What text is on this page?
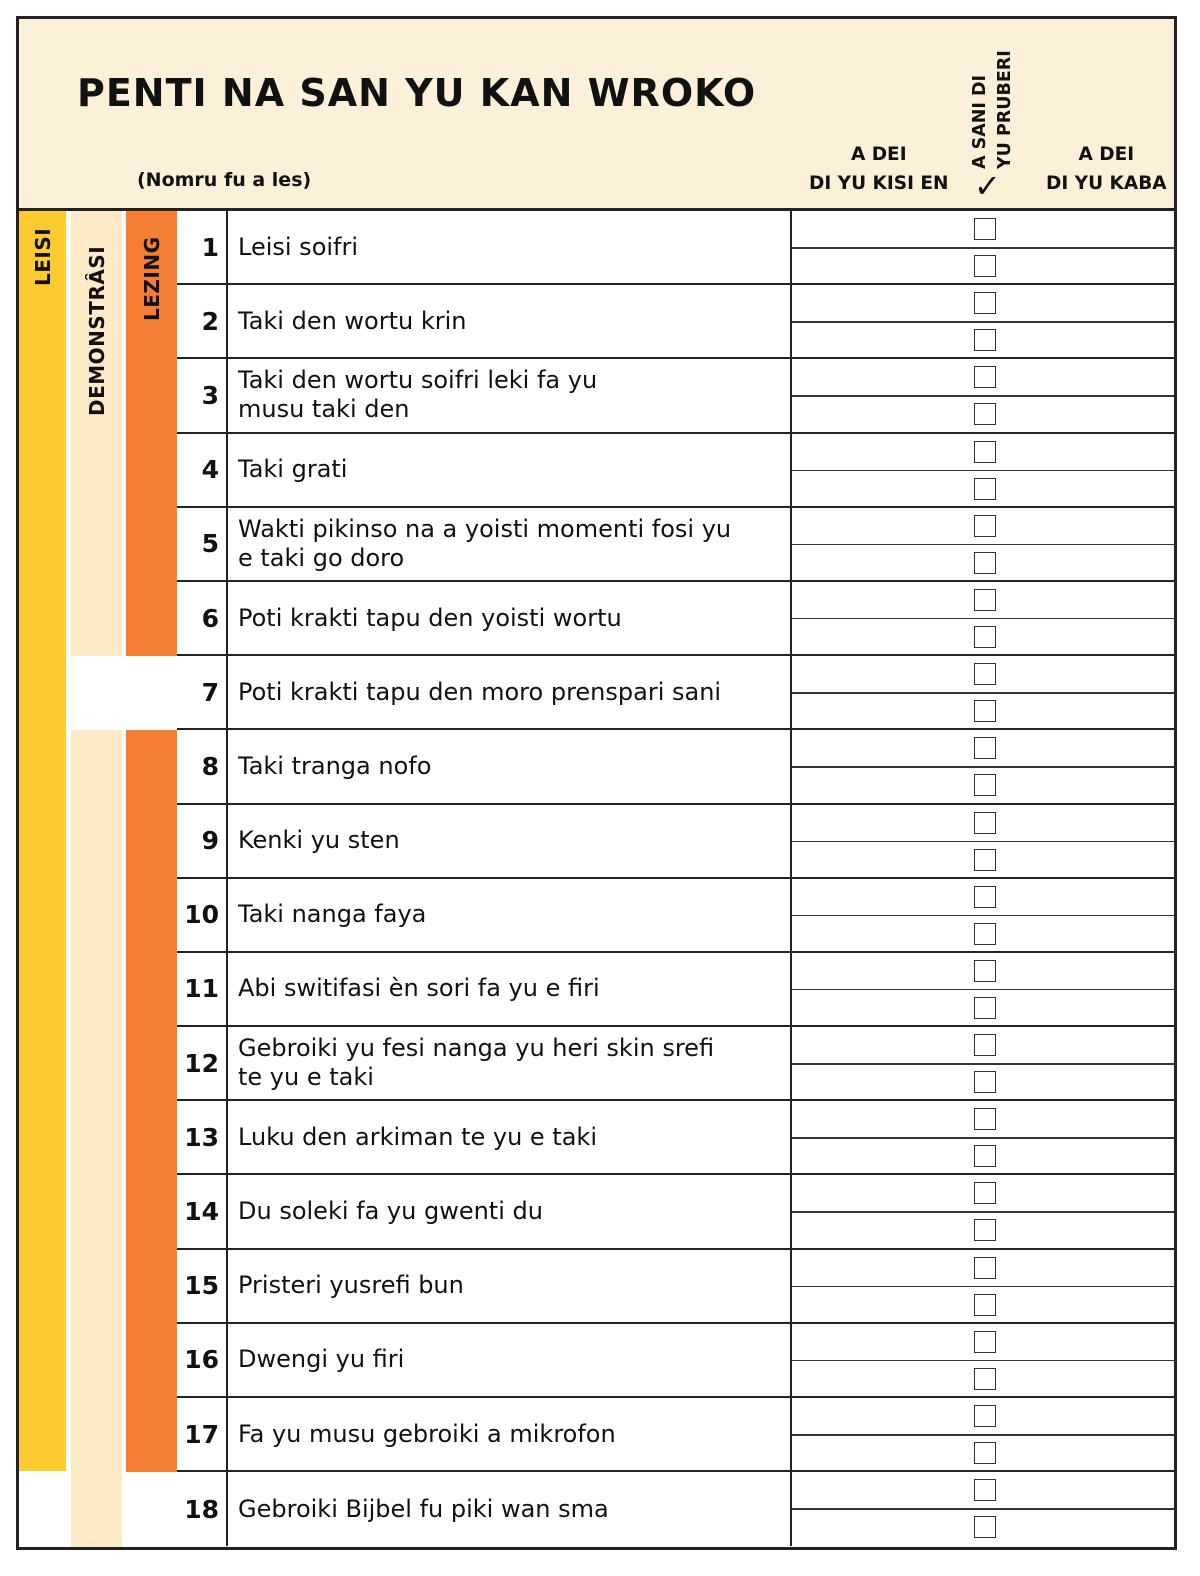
PENTI NA SAN YU KAN WROKO
(Nomru fu a les)
A DEI
DI YU KISI EN
A SANI DI YU PRUBERI
✓
A DEI
DI YU KABA
LEISI DEMONSTRÂSI LEZING	1 Leisi soifri
2 Taki den wortu krin
3
Taki den wortu soifri leki fa yu
musu taki den
4 Taki grati
5
Wakti pikinso na a yoisti momenti fosi yu
e taki go doro
6 Poti krakti tapu den yoisti wortu
7 Poti krakti tapu den moro prenspari sani
8 Taki tranga nofo
9 Kenki yu sten
10 Taki nanga faya
11 Abi switifasi èn sori fa yu e firi
12
Gebroiki yu fesi nanga yu heri skin srefi
te yu e taki
13 Luku den arkiman te yu e taki
14 Du soleki fa yu gwenti du
15 Pristeri yusrefi bun
16 Dwengi yu firi
17 Fa yu musu gebroiki a mikrofon
18 Gebroiki Bijbel fu piki wan sma
